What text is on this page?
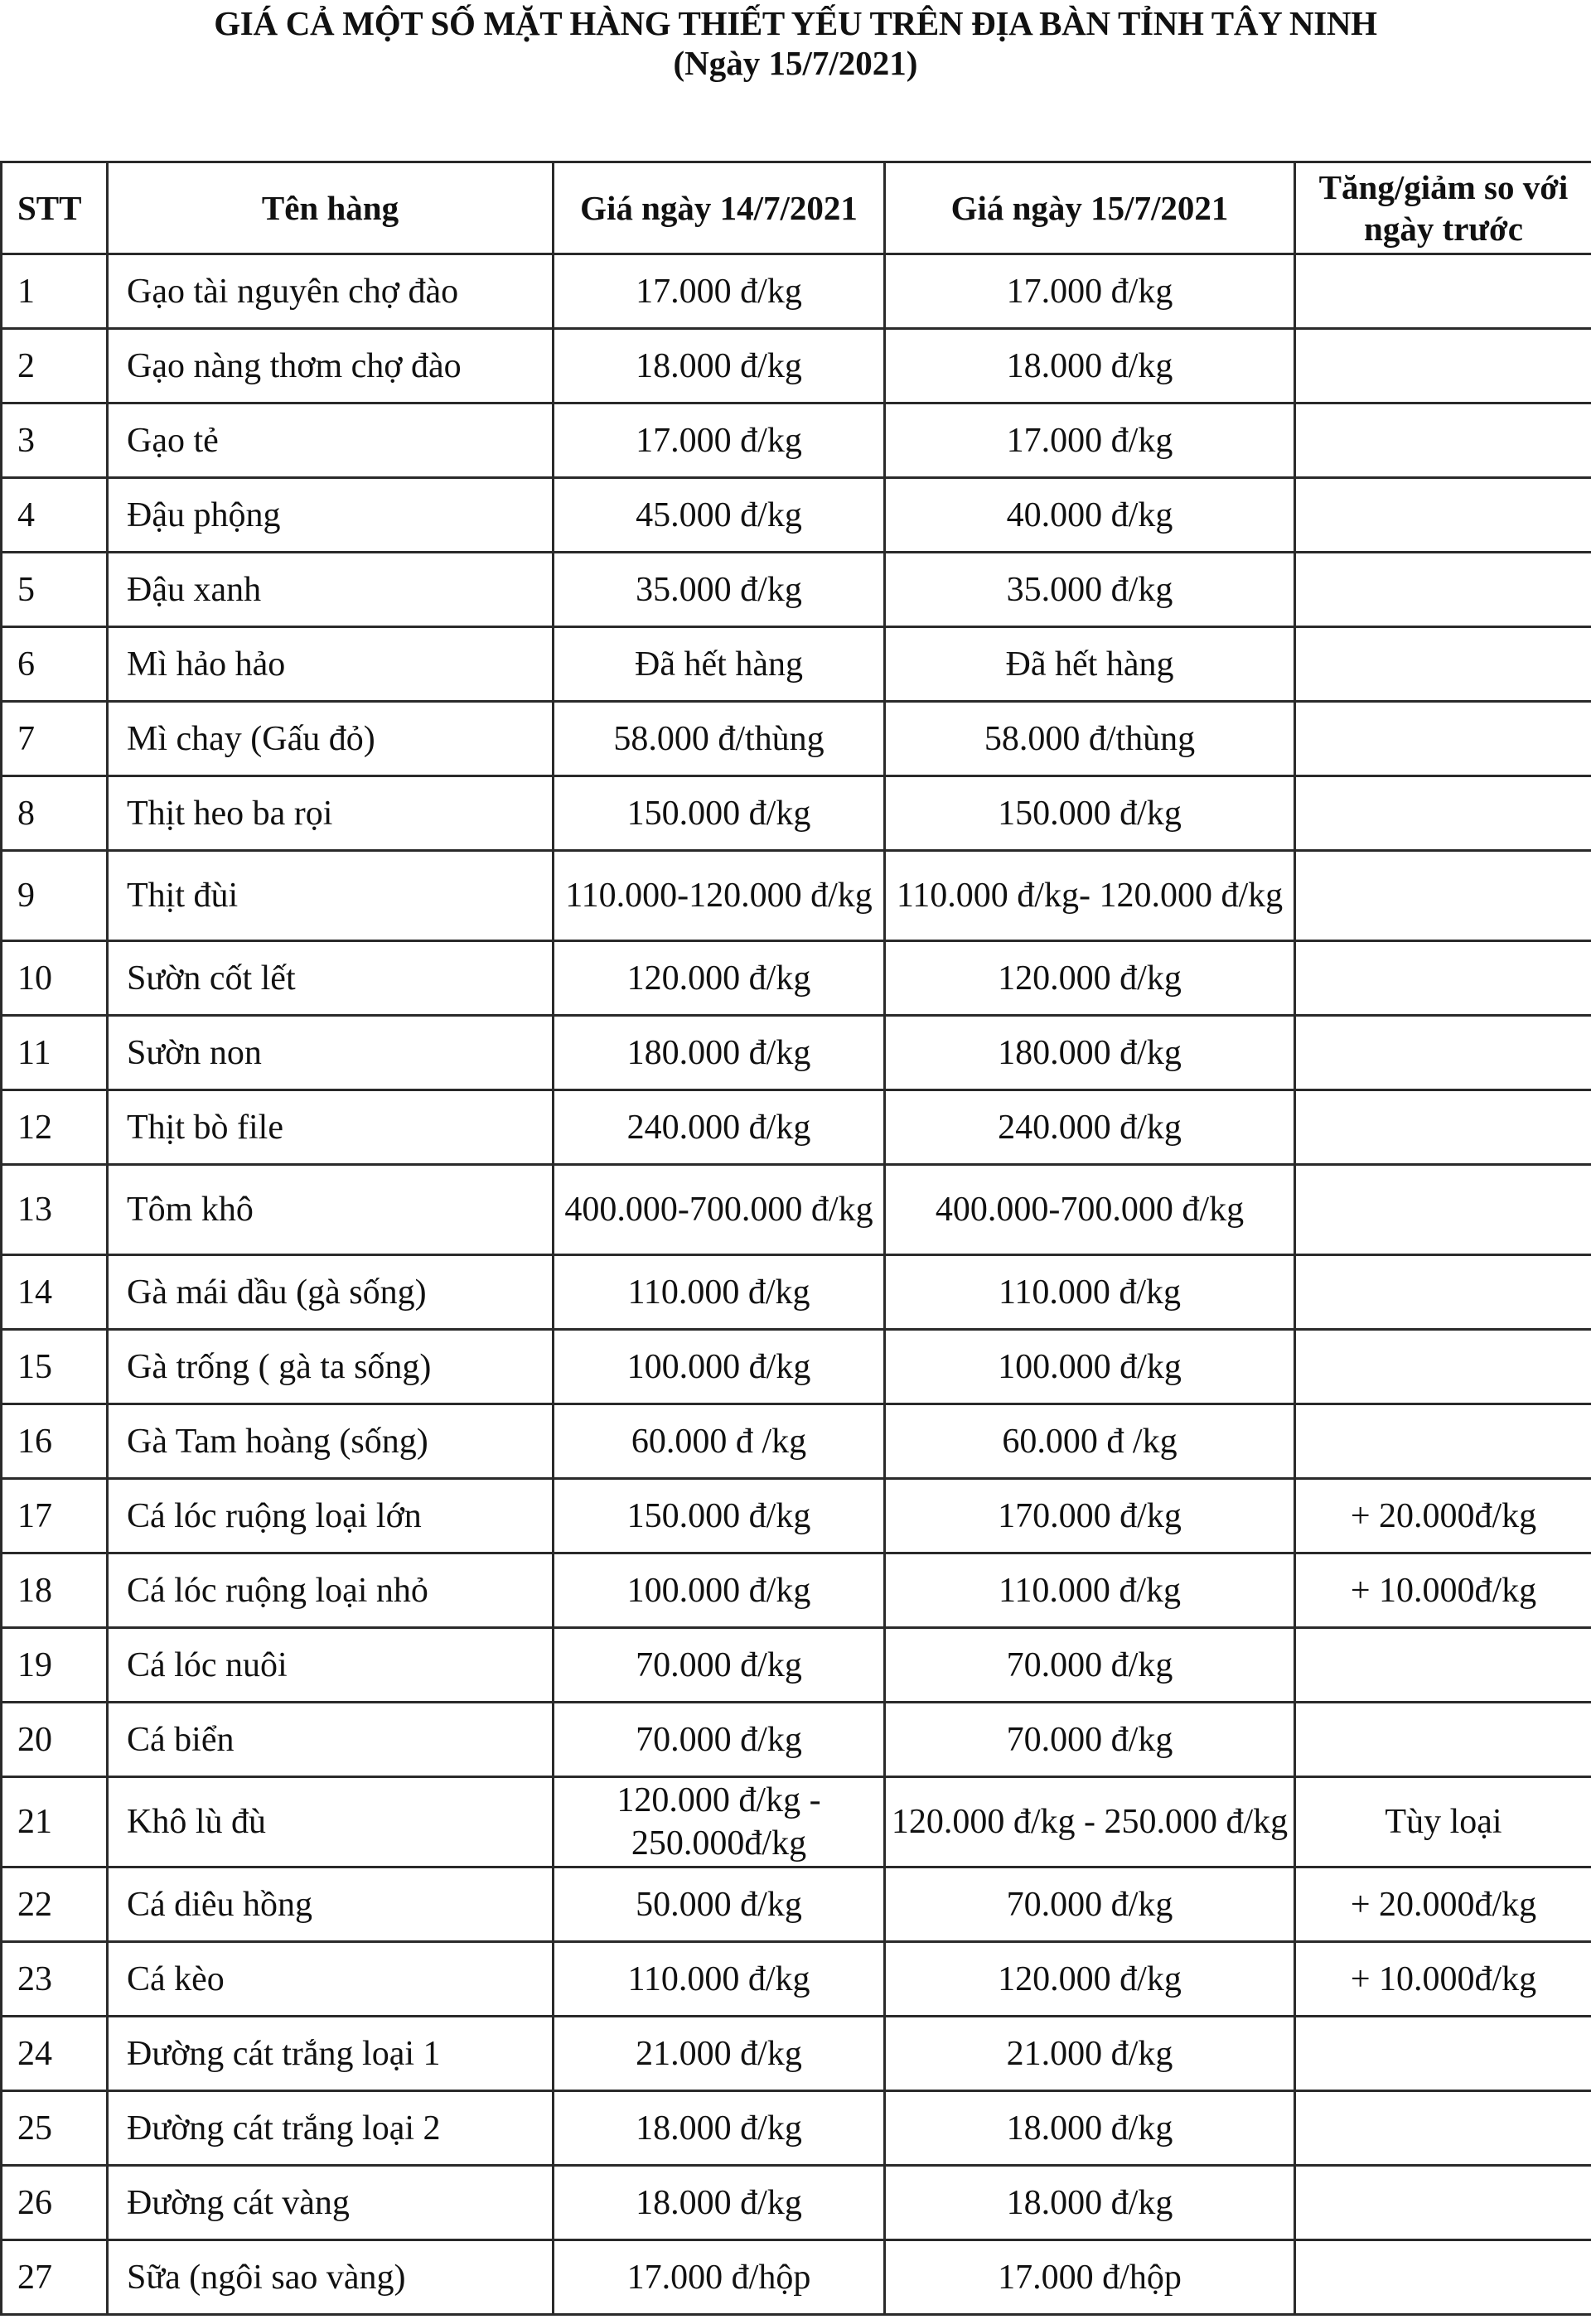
GIÁ CẢ MỘT SỐ MẶT HÀNG THIẾT YẾU TRÊN ĐỊA BÀN TỈNH TÂY NINH
(Ngày 15/7/2021)
STT	Tên hàng	Giá ngày 14/7/2021	Giá ngày 15/7/2021	Tăng/giảm so với ngày trước
1	Gạo tài nguyên chợ đào	17.000 đ/kg	17.000 đ/kg	
2	Gạo nàng thơm chợ đào	18.000 đ/kg	18.000 đ/kg	
3	Gạo tẻ	17.000 đ/kg	17.000 đ/kg	
4	Đậu phộng	45.000 đ/kg	40.000 đ/kg	
5	Đậu xanh	35.000 đ/kg	35.000 đ/kg	
6	Mì hảo hảo	Đã hết hàng	Đã hết hàng	
7	Mì chay (Gấu đỏ)	58.000 đ/thùng	58.000 đ/thùng	
8	Thịt heo ba rọi	150.000 đ/kg	150.000 đ/kg	
9	Thịt đùi	110.000-120.000 đ/kg	110.000 đ/kg- 120.000 đ/kg	
10	Sườn cốt lết	120.000 đ/kg	120.000 đ/kg	
11	Sườn non	180.000 đ/kg	180.000 đ/kg	
12	Thịt bò file	240.000 đ/kg	240.000 đ/kg	
13	Tôm khô	400.000-700.000 đ/kg	400.000-700.000 đ/kg	
14	Gà mái dầu (gà sống)	110.000 đ/kg	110.000 đ/kg	
15	Gà trống ( gà ta sống)	100.000 đ/kg	100.000 đ/kg	
16	Gà Tam hoàng (sống)	60.000 đ /kg	60.000 đ /kg	
17	Cá lóc ruộng loại lớn	150.000 đ/kg	170.000 đ/kg	+ 20.000đ/kg
18	Cá lóc ruộng loại nhỏ	100.000 đ/kg	110.000 đ/kg	+ 10.000đ/kg
19	Cá lóc nuôi	70.000 đ/kg	70.000 đ/kg	
20	Cá biển	70.000 đ/kg	70.000 đ/kg	
21	Khô lù đù	120.000 đ/kg - 250.000đ/kg	120.000 đ/kg - 250.000 đ/kg	Tùy loại
22	Cá diêu hồng	50.000 đ/kg	70.000 đ/kg	+ 20.000đ/kg
23	Cá kèo	110.000 đ/kg	120.000 đ/kg	+ 10.000đ/kg
24	Đường cát trắng loại 1	21.000 đ/kg	21.000 đ/kg	
25	Đường cát trắng loại 2	18.000 đ/kg	18.000 đ/kg	
26	Đường cát vàng	18.000 đ/kg	18.000 đ/kg	
27	Sữa (ngôi sao vàng)	17.000 đ/hộp	17.000 đ/hộp	
